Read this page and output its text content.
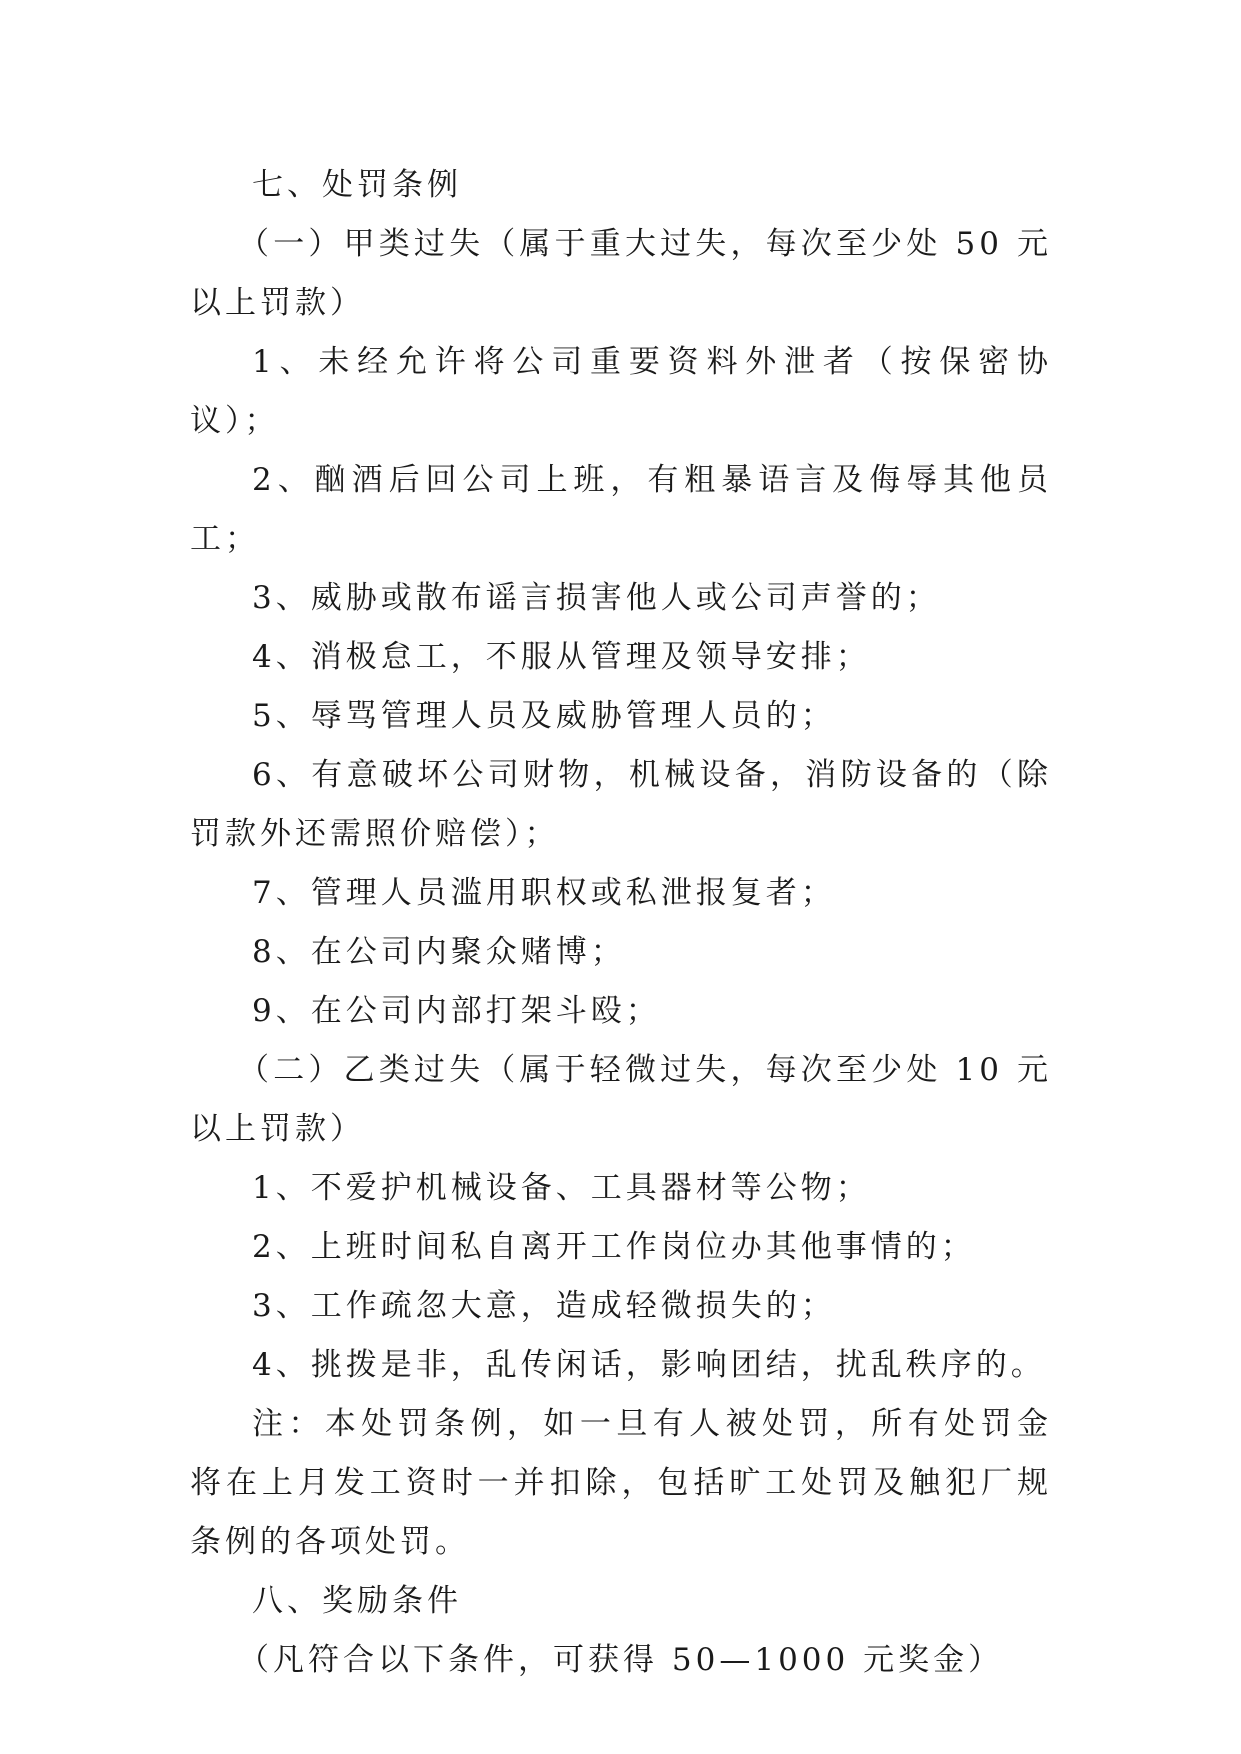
七、处罚条例

（一）甲类过失（属于重大过失，每次至少处 50 元以上罚款）

1、未经允许将公司重要资料外泄者（按保密协议）；

2、酗酒后回公司上班，有粗暴语言及侮辱其他员工；

3、威胁或散布谣言损害他人或公司声誉的；

4、消极怠工，不服从管理及领导安排；

5、辱骂管理人员及威胁管理人员的；

6、有意破坏公司财物，机械设备，消防设备的（除罚款外还需照价赔偿）；

7、管理人员滥用职权或私泄报复者；

8、在公司内聚众赌博；

9、在公司内部打架斗殴；

（二）乙类过失（属于轻微过失，每次至少处 10 元以上罚款）

1、不爱护机械设备、工具器材等公物；

2、上班时间私自离开工作岗位办其他事情的；

3、工作疏忽大意，造成轻微损失的；

4、挑拨是非，乱传闲话，影响团结，扰乱秩序的。

注：本处罚条例，如一旦有人被处罚，所有处罚金将在上月发工资时一并扣除，包括旷工处罚及触犯厂规条例的各项处罚。

八、奖励条件

（凡符合以下条件，可获得 50—1000 元奖金）
